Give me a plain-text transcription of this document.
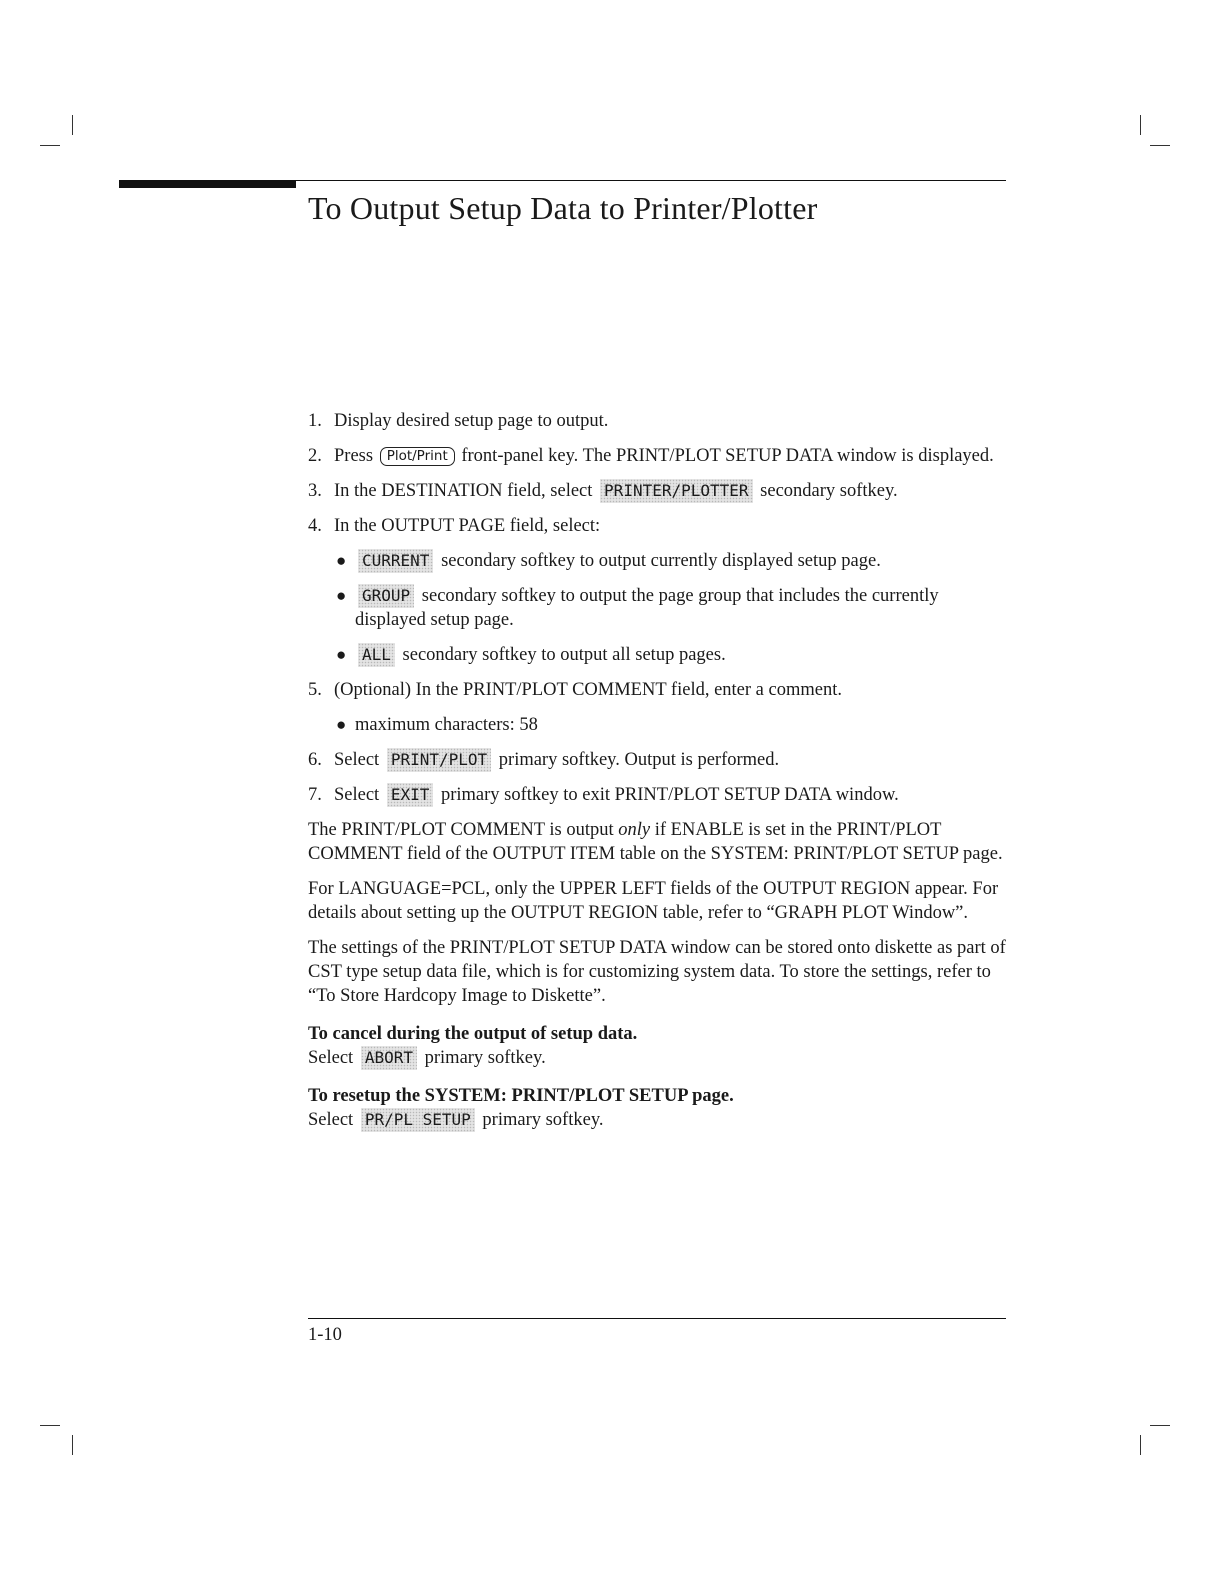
To Output Setup Data to Printer/Plotter
1. Display desired setup page to output.
2. Press Plot/Print front-panel key. The PRINT/PLOT SETUP DATA window is displayed.
3. In the DESTINATION field, select PRINTER/PLOTTER secondary softkey.
4. In the OUTPUT PAGE field, select:
● CURRENT secondary softkey to output currently displayed setup page.
● GROUP secondary softkey to output the page group that includes the currently displayed setup page.
● ALL secondary softkey to output all setup pages.
5. (Optional) In the PRINT/PLOT COMMENT field, enter a comment.
● maximum characters: 58
6. Select PRINT/PLOT primary softkey. Output is performed.
7. Select EXIT primary softkey to exit PRINT/PLOT SETUP DATA window.

The PRINT/PLOT COMMENT is output only if ENABLE is set in the PRINT/PLOT COMMENT field of the OUTPUT ITEM table on the SYSTEM: PRINT/PLOT SETUP page.

For LANGUAGE=PCL, only the UPPER LEFT fields of the OUTPUT REGION appear. For details about setting up the OUTPUT REGION table, refer to “GRAPH PLOT Window”.

The settings of the PRINT/PLOT SETUP DATA window can be stored onto diskette as part of CST type setup data file, which is for customizing system data. To store the settings, refer to “To Store Hardcopy Image to Diskette”.

To cancel during the output of setup data.

Select ABORT primary softkey.

To resetup the SYSTEM: PRINT/PLOT SETUP page.

Select PR/PL SETUP primary softkey.

1-10
